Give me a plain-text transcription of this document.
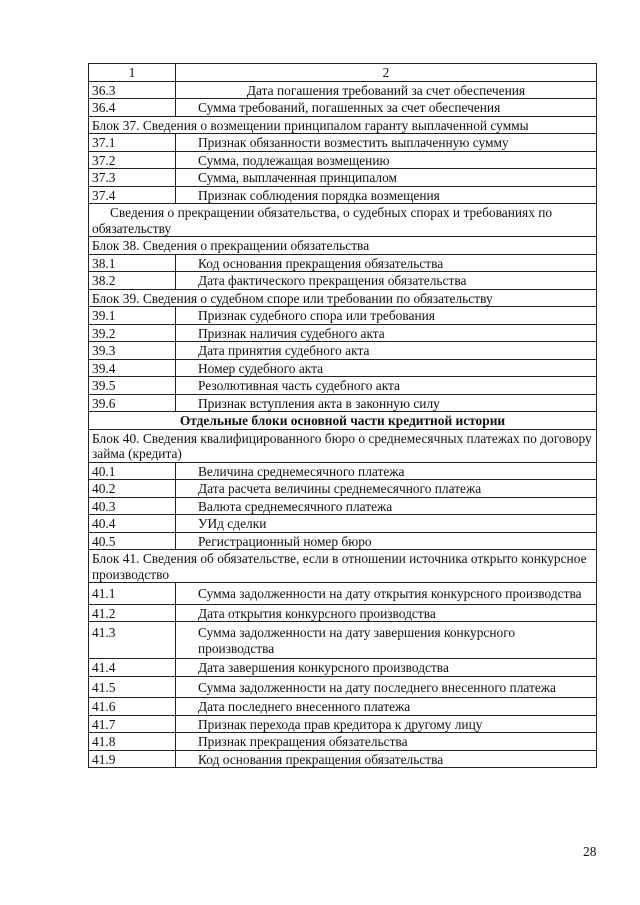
1	2
36.3	Дата погашения требований за счет обеспечения
36.4	Сумма требований, погашенных за счет обеспечения
Блок 37. Сведения о возмещении принципалом гаранту выплаченной суммы	
37.1	Признак обязанности возместить выплаченную сумму
37.2	Сумма, подлежащая возмещению
37.3	Сумма, выплаченная принципалом
37.4	Признак соблюдения порядка возмещения
Сведения о прекращении обязательства, о судебных спорах и требованиях по обязательству	
Блок 38. Сведения о прекращении обязательства	
38.1	Код основания прекращения обязательства
38.2	Дата фактического прекращения обязательства
Блок 39. Сведения о судебном споре или требовании по обязательству	
39.1	Признак судебного спора или требования
39.2	Признак наличия судебного акта
39.3	Дата принятия судебного акта
39.4	Номер судебного акта
39.5	Резолютивная часть судебного акта
39.6	Признак вступления акта в законную силу
Отдельные блоки основной части кредитной истории	
Блок 40. Сведения квалифицированного бюро о среднемесячных платежах по договору займа (кредита)	
40.1	Величина среднемесячного платежа
40.2	Дата расчета величины среднемесячного платежа
40.3	Валюта среднемесячного платежа
40.4	УИд сделки
40.5	Регистрационный номер бюро
Блок 41. Сведения об обязательстве, если в отношении источника открыто конкурсное производство	
41.1	Сумма задолженности на дату открытия конкурсного производства
41.2	Дата открытия конкурсного производства
41.3	Сумма задолженности на дату завершения конкурсного производства
41.4	Дата завершения конкурсного производства
41.5	Сумма задолженности на дату последнего внесенного платежа
41.6	Дата последнего внесенного платежа
41.7	Признак перехода прав кредитора к другому лицу
41.8	Признак прекращения обязательства
41.9	Код основания прекращения обязательства
28
